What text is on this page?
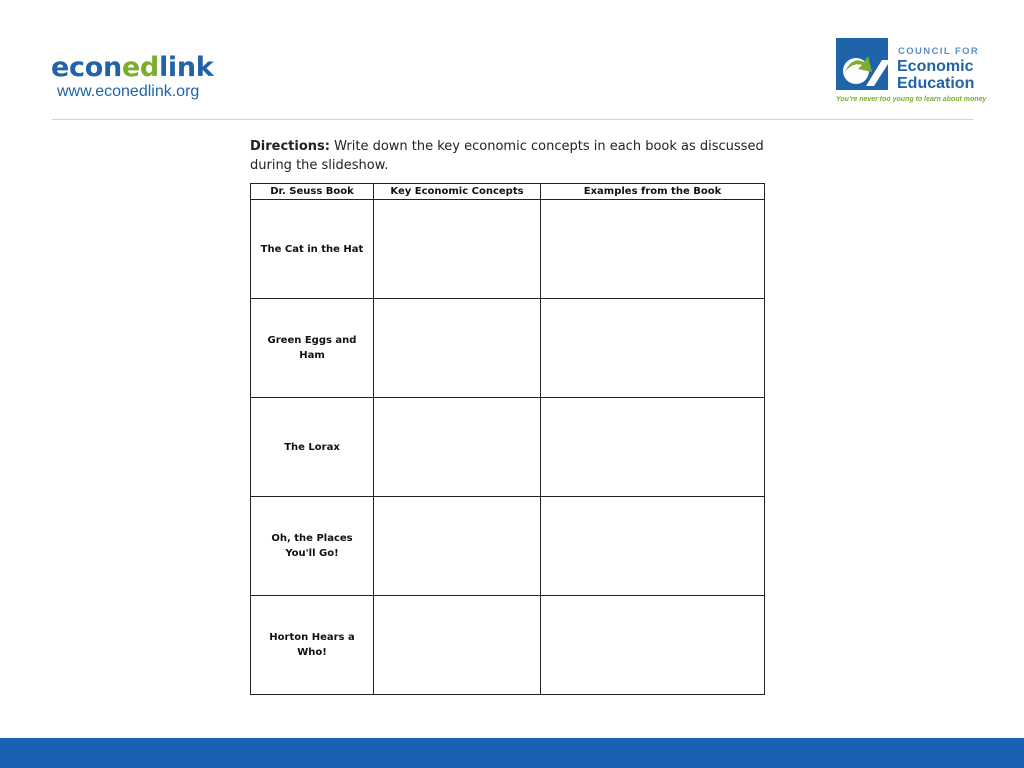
econedlink
www.econedlink.org
COUNCIL FOR
Economic
Education
You're never too young to learn about money
Directions: Write down the key economic concepts in each book as discussed during the slideshow.
Dr. Seuss Book	Key Economic Concepts	Examples from the Book
The Cat in the Hat		
Green Eggs and Ham		
The Lorax		
Oh, the Places You'll Go!		
Horton Hears a Who!		
